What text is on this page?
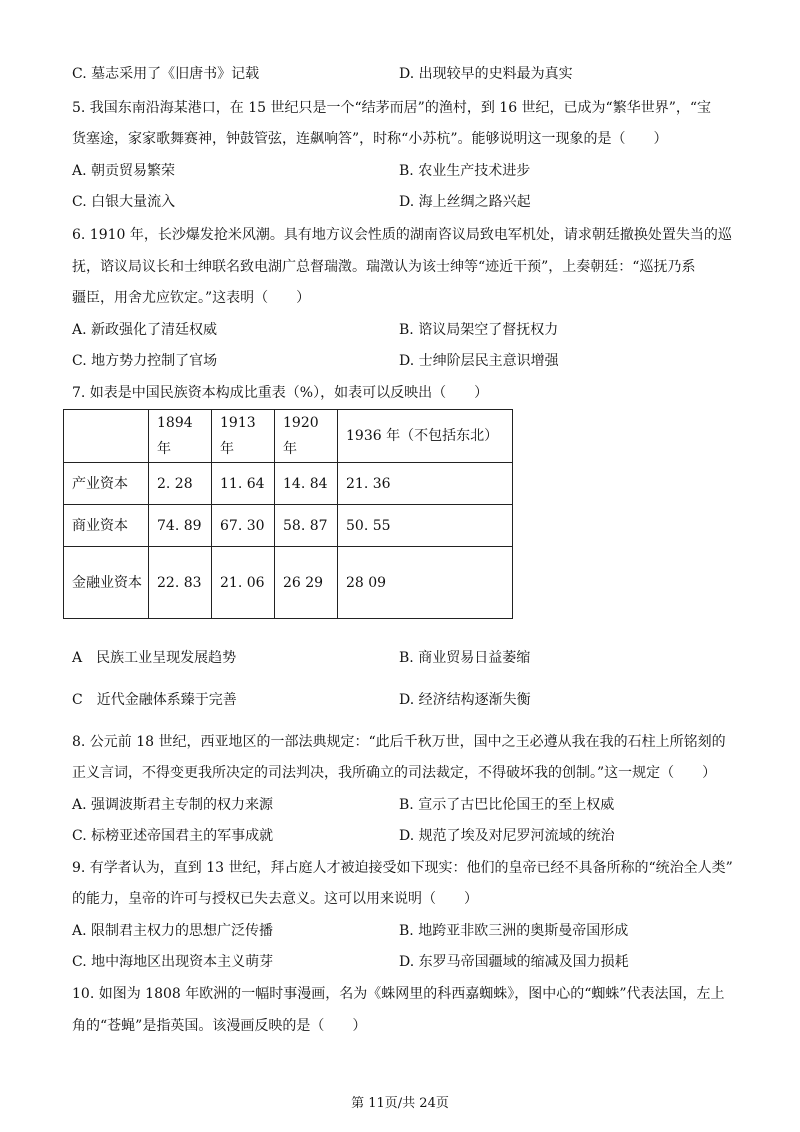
C. 墓志采用了《旧唐书》记载	D. 出现较早的史料最为真实
5. 我国东南沿海某港口，在 15 世纪只是一个“结茅而居”的渔村，到 16 世纪，已成为“繁华世界”，“宝
货塞途，家家歌舞赛神，钟鼓管弦，连飙响答”，时称“小苏杭”。能够说明这一现象的是（　　）
A. 朝贡贸易繁荣	B. 农业生产技术进步
C. 白银大量流入	D. 海上丝绸之路兴起
6. 1910 年，长沙爆发抢米风潮。具有地方议会性质的湖南咨议局致电军机处，请求朝廷撤换处置失当的巡
抚，谘议局议长和士绅联名致电湖广总督瑞澂。瑞澂认为该士绅等“迹近干预”，上奏朝廷：“巡抚乃系
疆臣，用舍尤应钦定。”这表明（　　）
A. 新政强化了清廷权威	B. 谘议局架空了督抚权力
C. 地方势力控制了官场	D. 士绅阶层民主意识增强
7. 如表是中国民族资本构成比重表（%），如表可以反映出（　　）
	1894 年	1913 年	1920 年	1936 年（不包括东北）
产业资本	2. 28	11. 64	14. 84	21. 36
商业资本	74. 89	67. 30	58. 87	50. 55
金融业资本	22. 83	21. 06	26 29	28 09
A　民族工业呈现发展趋势	B. 商业贸易日益萎缩
C　近代金融体系臻于完善	D. 经济结构逐渐失衡
8. 公元前 18 世纪，西亚地区的一部法典规定：“此后千秋万世，国中之王必遵从我在我的石柱上所铭刻的
正义言词，不得变更我所决定的司法判决，我所确立的司法裁定，不得破坏我的创制。”这一规定（　　）
A. 强调波斯君主专制的权力来源	B. 宣示了古巴比伦国王的至上权威
C. 标榜亚述帝国君主的军事成就	D. 规范了埃及对尼罗河流域的统治
9. 有学者认为，直到 13 世纪，拜占庭人才被迫接受如下现实：他们的皇帝已经不具备所称的“统治全人类”
的能力，皇帝的许可与授权已失去意义。这可以用来说明（　　）
A. 限制君主权力的思想广泛传播	B. 地跨亚非欧三洲的奥斯曼帝国形成
C. 地中海地区出现资本主义萌芽	D. 东罗马帝国疆域的缩减及国力损耗
10. 如图为 1808 年欧洲的一幅时事漫画，名为《蛛网里的科西嘉蜘蛛》，图中心的“蜘蛛”代表法国，左上
角的“苍蝇”是指英国。该漫画反映的是（　　）
第 11页/共 24页
